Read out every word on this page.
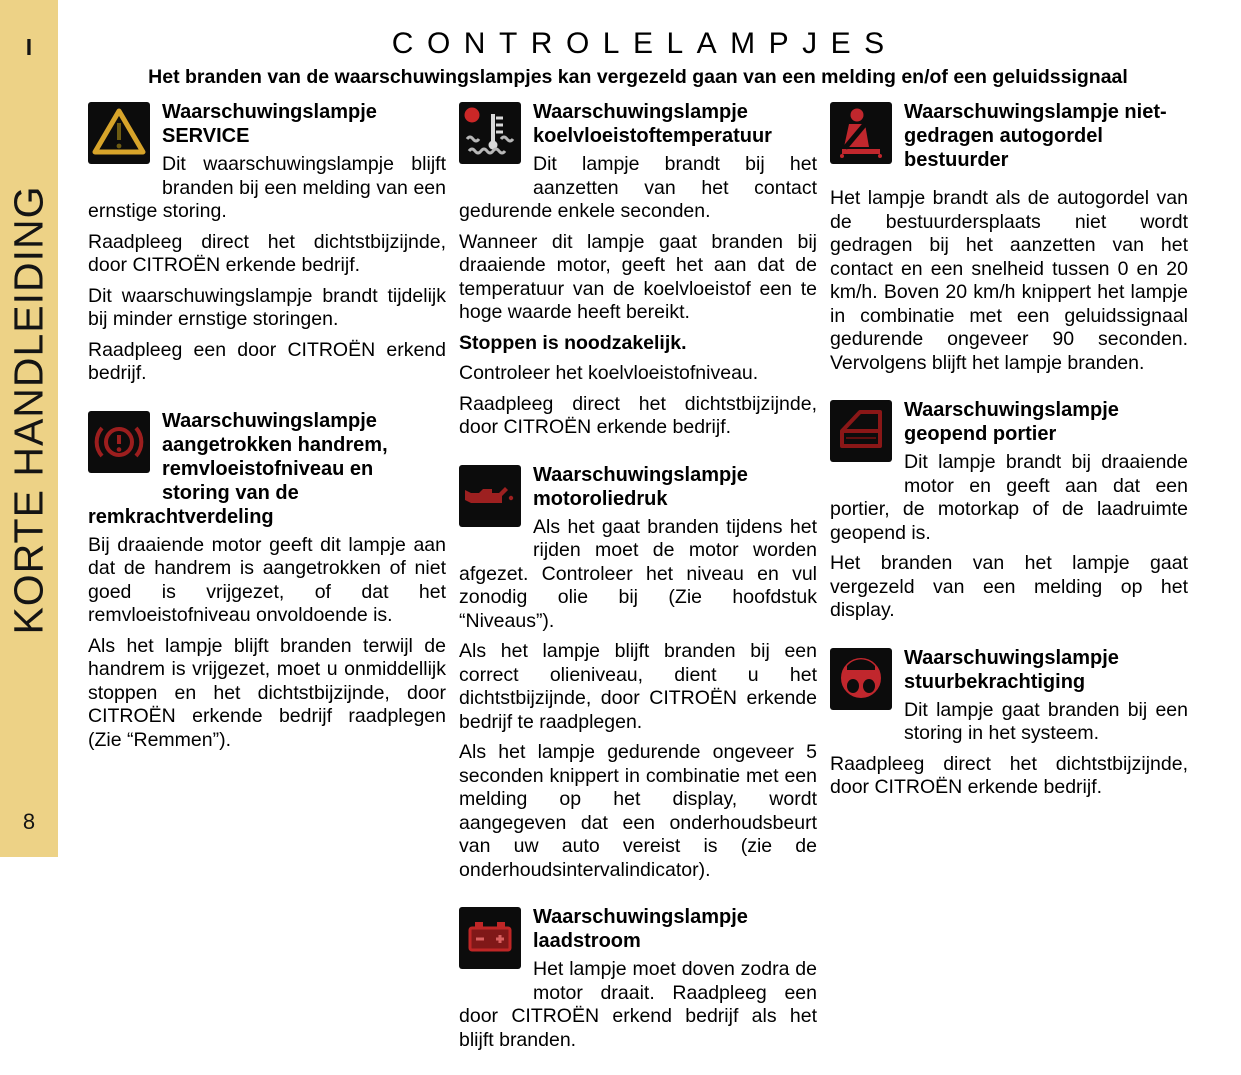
I
KORTE HANDLEIDING
8
CONTROLELAMPJES

Het branden van de waarschuwingslampjes kan vergezeld gaan van een melding en/of een geluidssignaal

Waarschuwingslampje SERVICE

Dit waarschuwingslampje blijft branden bij een melding van een ernstige storing.

Raadpleeg direct het dichtstbijzijnde, door CITROËN erkende bedrijf.

Dit waarschuwingslampje brandt tijdelijk bij minder ernstige storingen.

Raadpleeg een door CITROËN erkend bedrijf.

Waarschuwingslampje aangetrokken handrem, remvloeistofniveau en storing van de remkrachtverdeling

Bij draaiende motor geeft dit lampje aan dat de handrem is aangetrokken of niet goed is vrijgezet, of dat het remvloeistofniveau onvoldoende is.

Als het lampje blijft branden terwijl de handrem is vrijgezet, moet u onmiddellijk stoppen en het dichtstbijzijnde, door CITROËN erkende bedrijf raadplegen (Zie “Remmen”).

Waarschuwingslampje koelvloeistoftemperatuur

Dit lampje brandt bij het aanzetten van het contact gedurende enkele seconden.

Wanneer dit lampje gaat branden bij draaiende motor, geeft het aan dat de temperatuur van de koelvloeistof een te hoge waarde heeft bereikt.

Stoppen is noodzakelijk.

Controleer het koelvloeistofniveau.

Raadpleeg direct het dichtstbijzijnde, door CITROËN erkende bedrijf.

Waarschuwingslampje motoroliedruk

Als het gaat branden tijdens het rijden moet de motor worden afgezet. Controleer het niveau en vul zonodig olie bij (Zie hoofdstuk “Niveaus”).

Als het lampje blijft branden bij een correct olieniveau, dient u het dichtstbijzijnde, door CITROËN erkende bedrijf te raadplegen.

Als het lampje gedurende ongeveer 5 seconden knippert in combinatie met een melding op het display, wordt aangegeven dat een onderhoudsbeurt van uw auto vereist is (zie de onderhoudsintervalindicator).

Waarschuwingslampje laadstroom

Het lampje moet doven zodra de motor draait. Raadpleeg een door CITROËN erkend bedrijf als het blijft branden.

Waarschuwingslampje niet-gedragen autogordel bestuurder

Het lampje brandt als de autogordel van de bestuurdersplaats niet wordt gedragen bij het aanzetten van het contact en een snelheid tussen 0 en 20 km/h. Boven 20 km/h knippert het lampje in combinatie met een geluidssignaal gedurende ongeveer 90 seconden. Vervolgens blijft het lampje branden.

Waarschuwingslampje geopend portier

Dit lampje brandt bij draaiende motor en geeft aan dat een portier, de motorkap of de laadruimte geopend is.

Het branden van het lampje gaat vergezeld van een melding op het display.

Waarschuwingslampje stuurbekrachtiging

Dit lampje gaat branden bij een storing in het systeem.

Raadpleeg direct het dichtstbijzijnde, door CITROËN erkende bedrijf.
